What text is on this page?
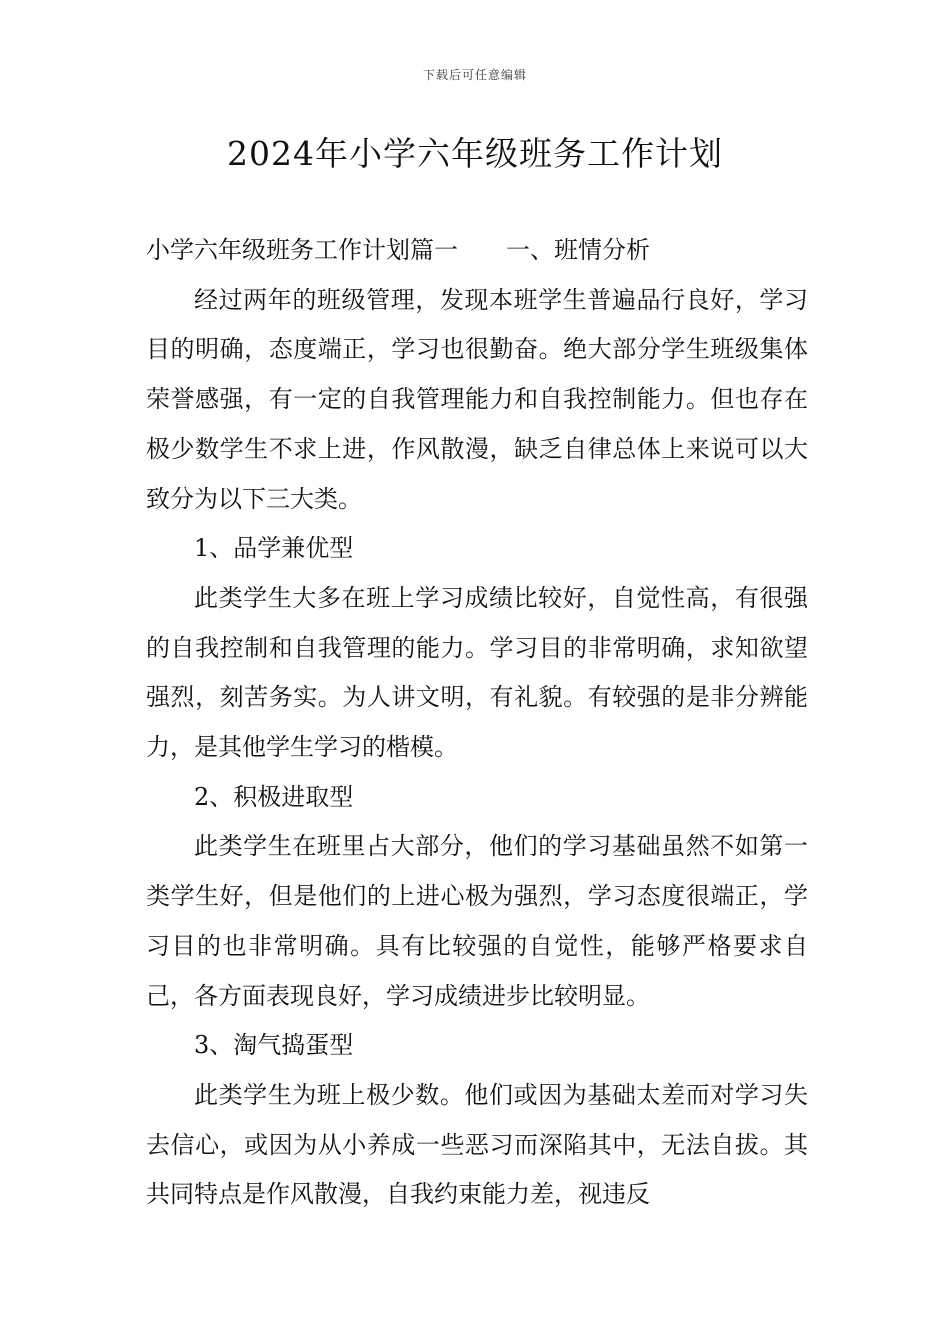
下载后可任意编辑
2024年小学六年级班务工作计划

小学六年级班务工作计划篇一 一、班情分析

经过两年的班级管理，发现本班学生普遍品行良好，学习目的明确，态度端正，学习也很勤奋。绝大部分学生班级集体荣誉感强，有一定的自我管理能力和自我控制能力。但也存在极少数学生不求上进，作风散漫，缺乏自律总体上来说可以大致分为以下三大类。

1、品学兼优型

此类学生大多在班上学习成绩比较好，自觉性高，有很强的自我控制和自我管理的能力。学习目的非常明确，求知欲望强烈，刻苦务实。为人讲文明，有礼貌。有较强的是非分辨能力，是其他学生学习的楷模。

2、积极进取型

此类学生在班里占大部分，他们的学习基础虽然不如第一类学生好，但是他们的上进心极为强烈，学习态度很端正，学习目的也非常明确。具有比较强的自觉性，能够严格要求自己，各方面表现良好，学习成绩进步比较明显。

3、淘气捣蛋型

此类学生为班上极少数。他们或因为基础太差而对学习失去信心，或因为从小养成一些恶习而深陷其中，无法自拔。其共同特点是作风散漫，自我约束能力差，视违反
